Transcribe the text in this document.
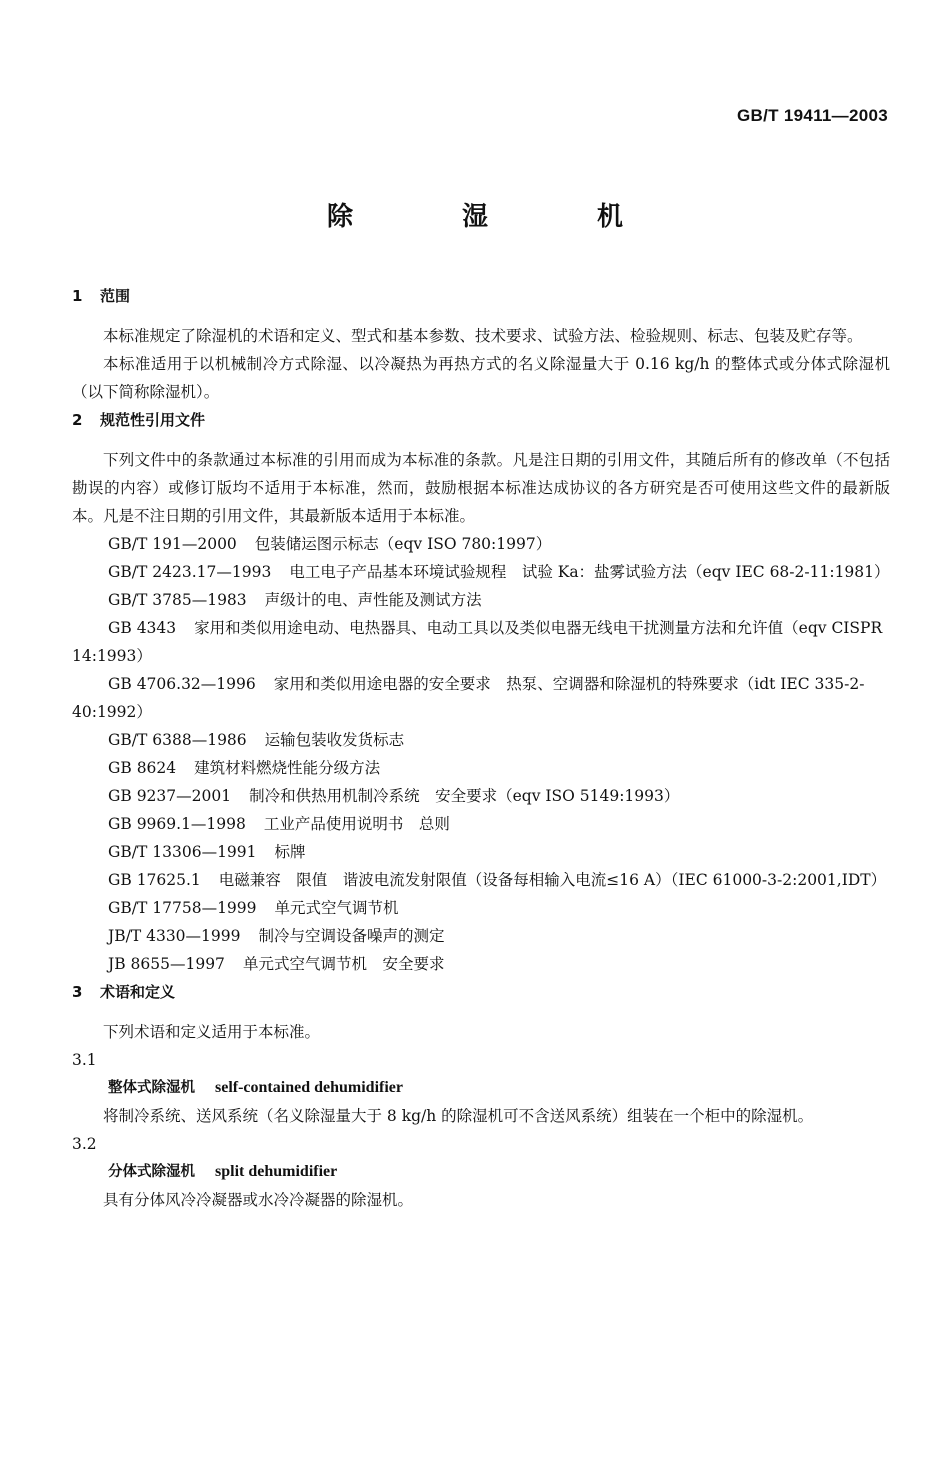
GB/T 19411—2003
除 湿 机

1 范围

本标准规定了除湿机的术语和定义、型式和基本参数、技术要求、试验方法、检验规则、标志、包装及贮存等。

本标准适用于以机械制冷方式除湿、以冷凝热为再热方式的名义除湿量大于 0.16 kg/h 的整体式或分体式除湿机（以下简称除湿机）。

2 规范性引用文件

下列文件中的条款通过本标准的引用而成为本标准的条款。凡是注日期的引用文件，其随后所有的修改单（不包括勘误的内容）或修订版均不适用于本标准，然而，鼓励根据本标准达成协议的各方研究是否可使用这些文件的最新版本。凡是不注日期的引用文件，其最新版本适用于本标准。

GB/T 191—2000 包装储运图示标志（eqv ISO 780:1997）

GB/T 2423.17—1993 电工电子产品基本环境试验规程　试验 Ka：盐雾试验方法（eqv IEC 68-2-11:1981）

GB/T 3785—1983 声级计的电、声性能及测试方法

GB 4343 家用和类似用途电动、电热器具、电动工具以及类似电器无线电干扰测量方法和允许值（eqv CISPR 14:1993）

GB 4706.32—1996 家用和类似用途电器的安全要求　热泵、空调器和除湿机的特殊要求（idt IEC 335-2-40:1992）

GB/T 6388—1986 运输包装收发货标志

GB 8624 建筑材料燃烧性能分级方法

GB 9237—2001 制冷和供热用机制冷系统　安全要求（eqv ISO 5149:1993）

GB 9969.1—1998 工业产品使用说明书　总则

GB/T 13306—1991 标牌

GB 17625.1 电磁兼容　限值　谐波电流发射限值（设备每相输入电流≤16 A）（IEC 61000-3-2:2001,IDT）

GB/T 17758—1999 单元式空气调节机

JB/T 4330—1999 制冷与空调设备噪声的测定

JB 8655—1997 单元式空气调节机　安全要求

3 术语和定义

下列术语和定义适用于本标准。

3.1

整体式除湿机 self-contained dehumidifier

将制冷系统、送风系统（名义除湿量大于 8 kg/h 的除湿机可不含送风系统）组装在一个柜中的除湿机。

3.2

分体式除湿机 split dehumidifier

具有分体风冷冷凝器或水冷冷凝器的除湿机。
